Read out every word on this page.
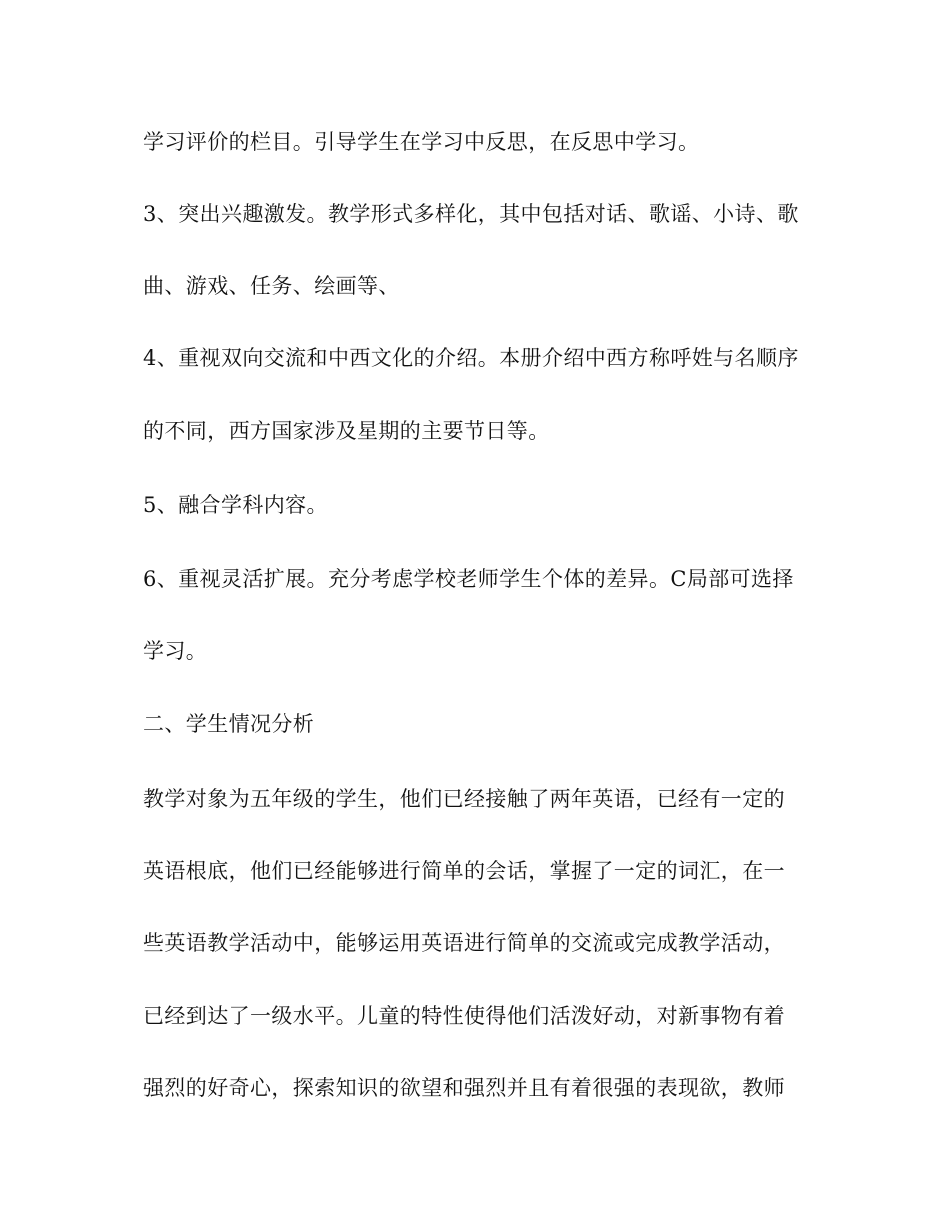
学习评价的栏目。引导学生在学习中反思，在反思中学习。
3、突出兴趣激发。教学形式多样化，其中包括对话、歌谣、小诗、歌
曲、游戏、任务、绘画等、
4、重视双向交流和中西文化的介绍。本册介绍中西方称呼姓与名顺序
的不同，西方国家涉及星期的主要节日等。
5、融合学科内容。
6、重视灵活扩展。充分考虑学校老师学生个体的差异。C局部可选择
学习。
二、学生情况分析
教学对象为五年级的学生，他们已经接触了两年英语，已经有一定的
英语根底，他们已经能够进行简单的会话，掌握了一定的词汇，在一
些英语教学活动中，能够运用英语进行简单的交流或完成教学活动，
已经到达了一级水平。儿童的特性使得他们活泼好动，对新事物有着
强烈的好奇心，探索知识的欲望和强烈并且有着很强的表现欲，教师
